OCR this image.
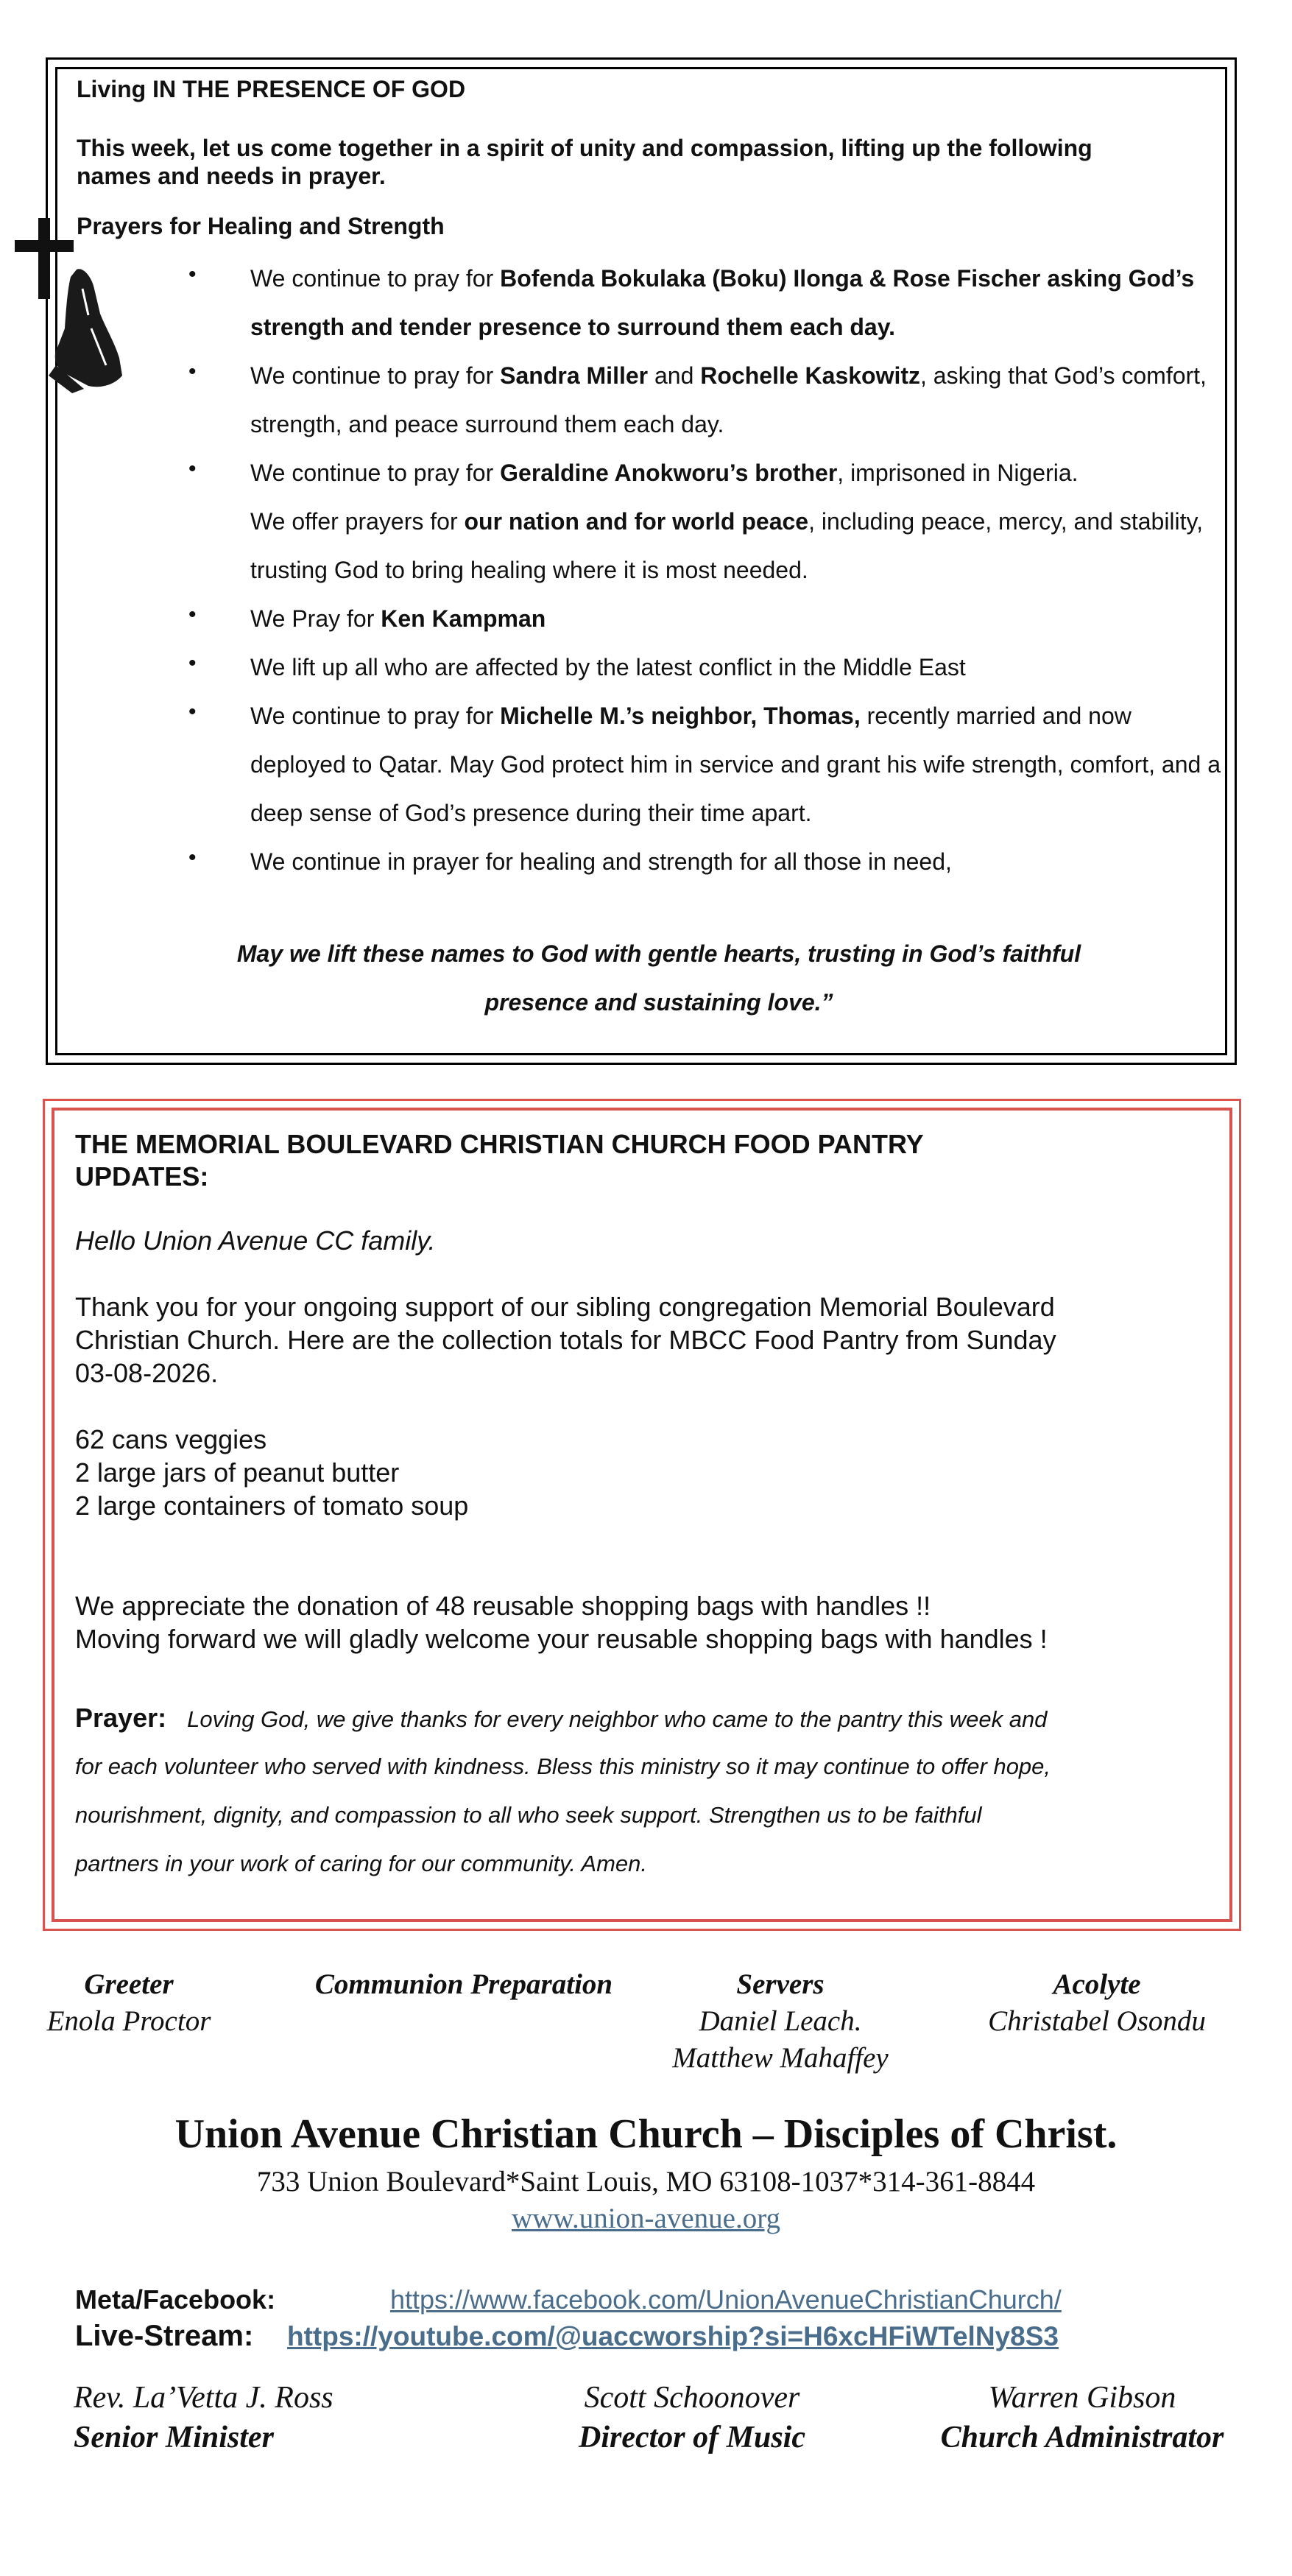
Living IN THE PRESENCE OF GOD
This week, let us come together in a spirit of unity and compassion, lifting up the following
names and needs in prayer.
Prayers for Healing and Strength
•
•
•
•
•
•
•
We continue to pray for Bofenda Bokulaka (Boku) Ilonga & Rose Fischer asking God’s strength and tender presence to surround them each day.
We continue to pray for Sandra Miller and Rochelle Kaskowitz, asking that God’s comfort, strength, and peace surround them each day.
We continue to pray for Geraldine Anokworu’s brother, imprisoned in Nigeria.
We offer prayers for our nation and for world peace, including peace, mercy, and stability, trusting God to bring healing where it is most needed.
We Pray for Ken Kampman
We lift up all who are affected by the latest conflict in the Middle East
We continue to pray for Michelle M.’s neighbor, Thomas, recently married and now deployed to Qatar. May God protect him in service and grant his wife strength, comfort, and a deep sense of God’s presence during their time apart.
We continue in prayer for healing and strength for all those in need,
May we lift these names to God with gentle hearts, trusting in God’s faithful
presence and sustaining love.”
THE MEMORIAL BOULEVARD CHRISTIAN CHURCH FOOD PANTRY
UPDATES:
Hello Union Avenue CC family.
Thank you for your ongoing support of our sibling congregation Memorial Boulevard
Christian Church. Here are the collection totals for MBCC Food Pantry from Sunday
03-08-2026.
62 cans veggies
2 large jars of peanut butter
2 large containers of tomato soup
We appreciate the donation of 48 reusable shopping bags with handles !!
Moving forward we will gladly welcome your reusable shopping bags with handles !
Prayer: Loving God, we give thanks for every neighbor who came to the pantry this week and
for each volunteer who served with kindness. Bless this ministry so it may continue to offer hope,
nourishment, dignity, and compassion to all who seek support. Strengthen us to be faithful
partners in your work of caring for our community. Amen.
Greeter
Enola Proctor
Communion Preparation	Servers
Daniel Leach.
Matthew Mahaffey
Acolyte
Christabel Osondu
Union Avenue Christian Church – Disciples of Christ.
733 Union Boulevard*Saint Louis, MO 63108-1037*314-361-8844
www.union-avenue.org
Meta/Facebook:	https://www.facebook.com/UnionAvenueChristianChurch/
Live-Stream: https://youtube.com/@uaccworship?si=H6xcHFiWTelNy8S3
Rev. La’Vetta J. Ross
Senior Minister
Scott Schoonover
Director of Music
Warren Gibson
Church Administrator
